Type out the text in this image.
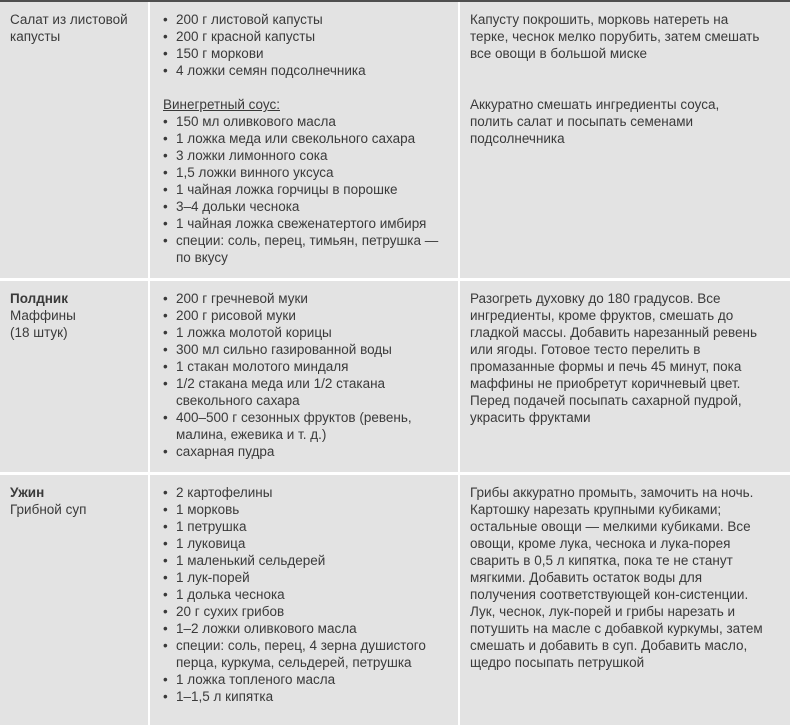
Салат из листовой капусты
• 200 г листовой капусты
• 200 г красной капусты
• 150 г моркови
• 4 ложки семян подсолнечника
Винегретный соус:
• 150 мл оливкового масла
• 1 ложка меда или свекольного сахара
• 3 ложки лимонного сока
• 1,5 ложки винного уксуса
• 1 чайная ложка горчицы в порошке
• 3–4 дольки чеснока
• 1 чайная ложка свеженатертого имбиря
• специи: соль, перец, тимьян, петрушка — по вкусу

Капусту покрошить, морковь натереть на терке, чеснок мелко порубить, затем смешать все овощи в большой миске

Аккуратно смешать ингредиенты соуса, полить салат и посыпать семенами подсолнечника

Полдник
Маффины
(18 штук)
• 200 г гречневой муки
• 200 г рисовой муки
• 1 ложка молотой корицы
• 300 мл сильно газированной воды
• 1 стакан молотого миндаля
• 1/2 стакана меда или 1/2 стакана свекольного сахара
• 400–500 г сезонных фруктов (ревень, малина, ежевика и т. д.)
• сахарная пудра

Разогреть духовку до 180 градусов. Все ингредиенты, кроме фруктов, смешать до гладкой массы. Добавить нарезанный ревень или ягоды. Готовое тесто перелить в промазанные формы и печь 45 минут, пока маффины не приобретут коричневый цвет. Перед подачей посыпать сахарной пудрой, украсить фруктами

Ужин
Грибной суп
• 2 картофелины
• 1 морковь
• 1 петрушка
• 1 луковица
• 1 маленький сельдерей
• 1 лук-порей
• 1 долька чеснока
• 20 г сухих грибов
• 1–2 ложки оливкового масла
• специи: соль, перец, 4 зерна душистого перца, куркума, сельдерей, петрушка
• 1 ложка топленого масла
• 1–1,5 л кипятка

Грибы аккуратно промыть, замочить на ночь. Картошку нарезать крупными кубиками; остальные овощи — мелкими кубиками. Все овощи, кроме лука, чеснока и лука-порея сварить в 0,5 л кипятка, пока те не станут мягкими. Добавить остаток воды для получения соответствующей кон-систенции. Лук, чеснок, лук-порей и грибы нарезать и потушить на масле с добавкой куркумы, затем смешать и добавить в суп. Добавить масло, щедро посыпать петрушкой
